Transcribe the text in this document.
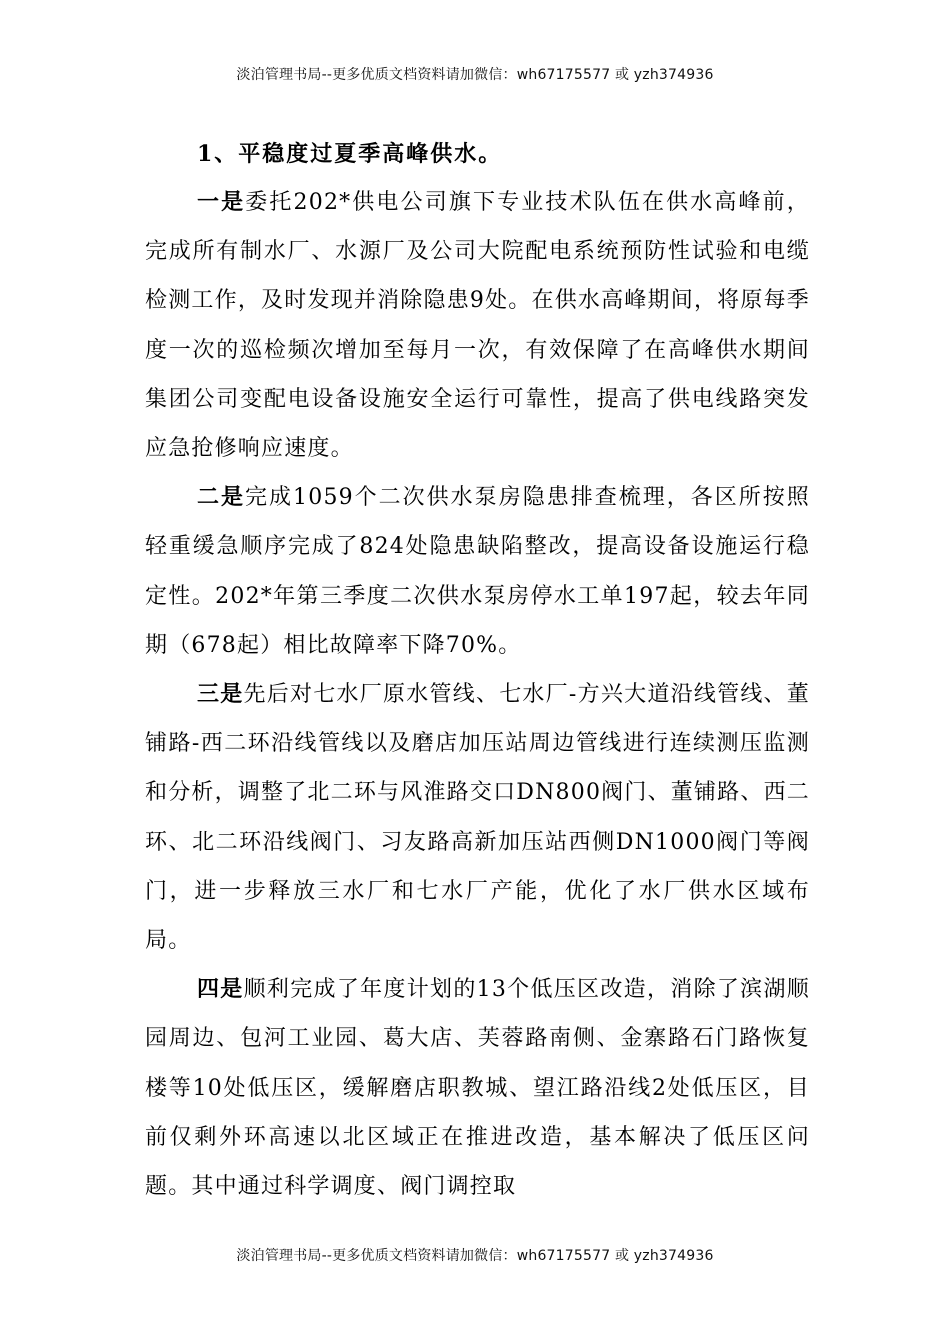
淡泊管理书局--更多优质文档资料请加微信：wh67175577 或 yzh374936

1、平稳度过夏季高峰供水。

一是委托202*供电公司旗下专业技术队伍在供水高峰前，完成所有制水厂、水源厂及公司大院配电系统预防性试验和电缆检测工作，及时发现并消除隐患9处。在供水高峰期间，将原每季度一次的巡检频次增加至每月一次，有效保障了在高峰供水期间集团公司变配电设备设施安全运行可靠性，提高了供电线路突发应急抢修响应速度。

二是完成1059个二次供水泵房隐患排查梳理，各区所按照轻重缓急顺序完成了824处隐患缺陷整改，提高设备设施运行稳定性。202*年第三季度二次供水泵房停水工单197起，较去年同期（678起）相比故障率下降70%。

三是先后对七水厂原水管线、七水厂-方兴大道沿线管线、董铺路-西二环沿线管线以及磨店加压站周边管线进行连续测压监测和分析，调整了北二环与风淮路交口DN800阀门、董铺路、西二环、北二环沿线阀门、习友路高新加压站西侧DN1000阀门等阀门，进一步释放三水厂和七水厂产能，优化了水厂供水区域布局。

四是顺利完成了年度计划的13个低压区改造，消除了滨湖顺园周边、包河工业园、葛大店、芙蓉路南侧、金寨路石门路恢复楼等10处低压区，缓解磨店职教城、望江路沿线2处低压区，目前仅剩外环高速以北区域正在推进改造，基本解决了低压区问题。其中通过科学调度、阀门调控取

淡泊管理书局--更多优质文档资料请加微信：wh67175577 或 yzh374936
